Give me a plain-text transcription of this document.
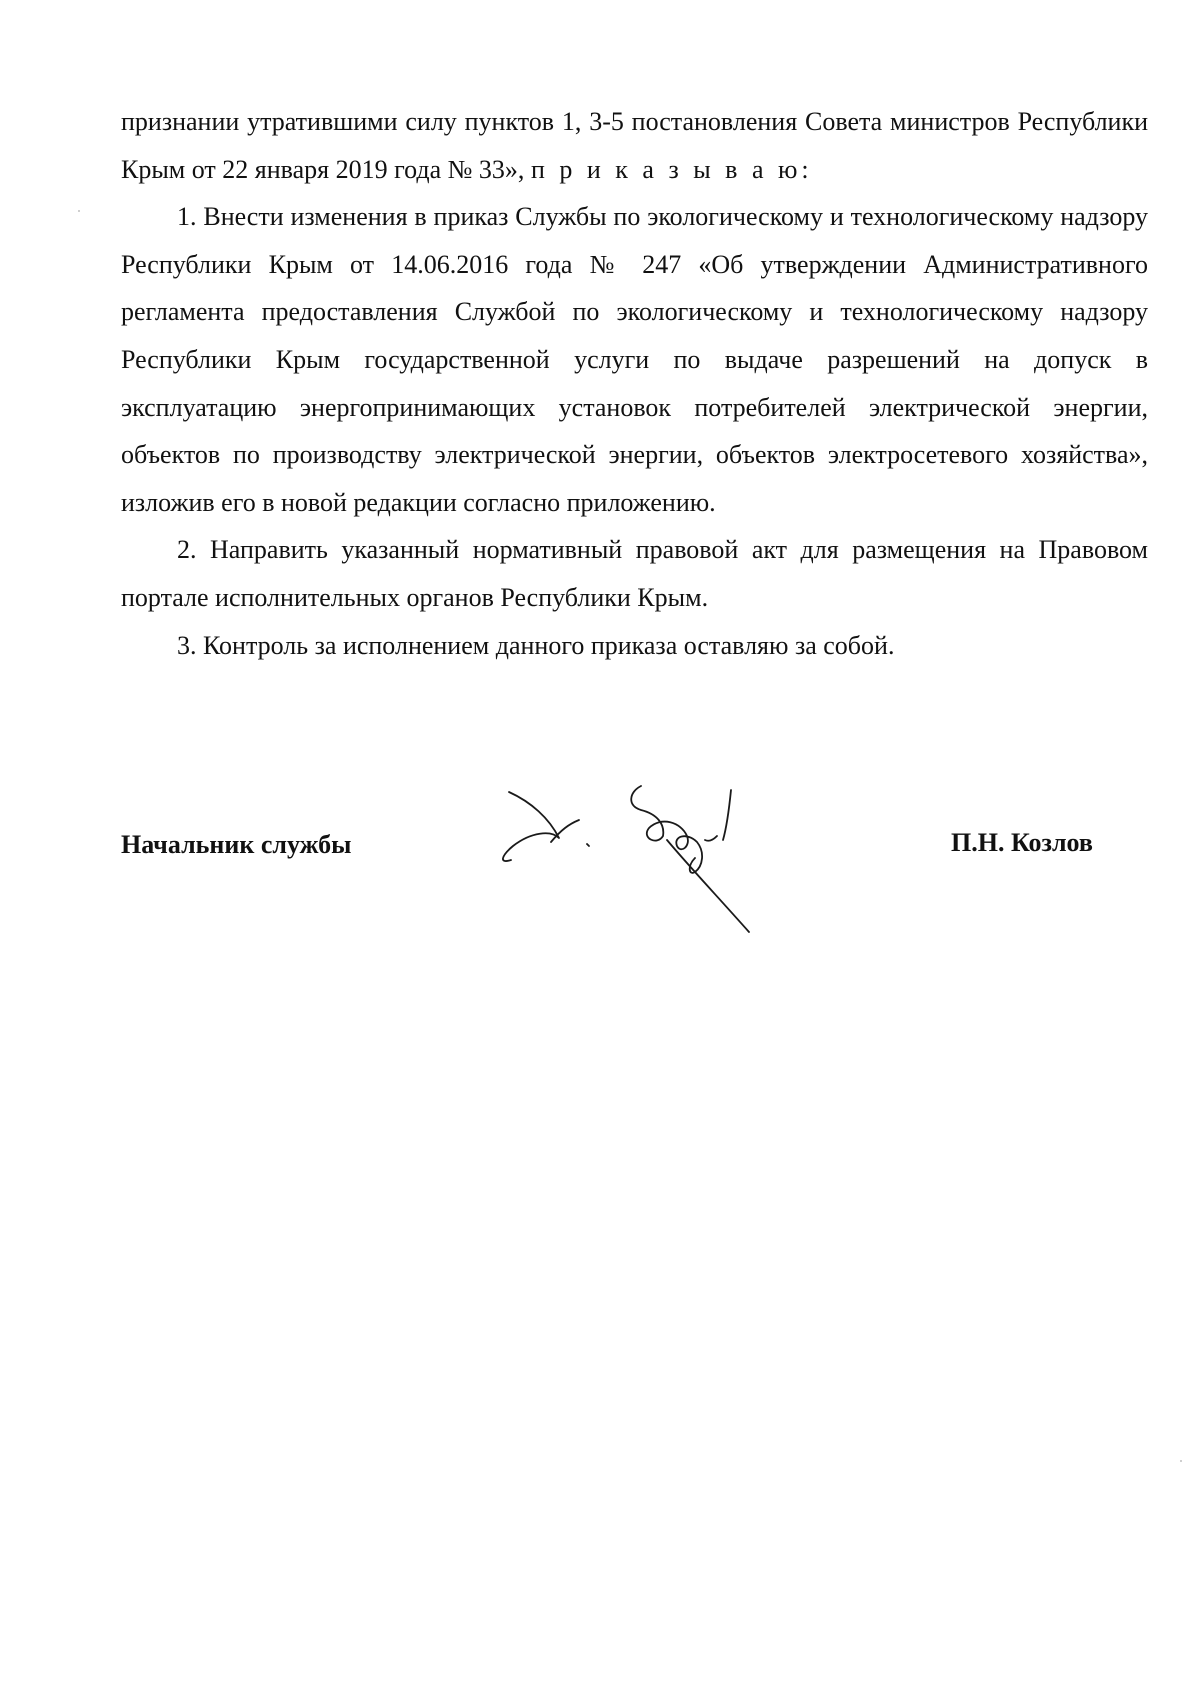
признании утратившими силу пунктов 1, 3-5 постановления Совета министров Республики Крым от 22 января 2019 года № 33», п р и к а з ы в а ю:

1. Внести изменения в приказ Службы по экологическому и технологическому надзору Республики Крым от 14.06.2016 года № 247 «Об утверждении Административного регламента предоставления Службой по экологическому и технологическому надзору Республики Крым государственной услуги по выдаче разрешений на допуск в эксплуатацию энергопринимающих установок потребителей электрической энергии, объектов по производству электрической энергии, объектов электросетевого хозяйства», изложив его в новой редакции согласно приложению.

2. Направить указанный нормативный правовой акт для размещения на Правовом портале исполнительных органов Республики Крым.

3. Контроль за исполнением данного приказа оставляю за собой.

Начальник службы	П.Н. Козлов
